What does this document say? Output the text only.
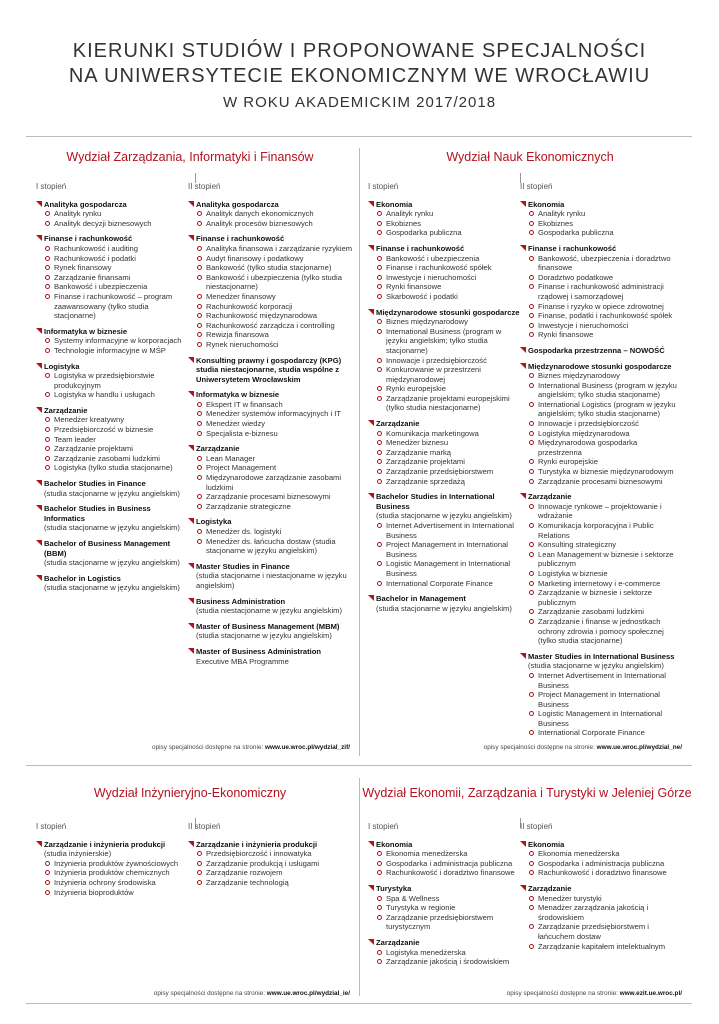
KIERUNKI STUDIÓW I PROPONOWANE SPECJALNOŚCI
NA UNIWERSYTECIE EKONOMICZNYM WE WROCŁAWIU
W ROKU AKADEMICKIM 2017/2018
Wydział Zarządzania, Informatyki i Finansów
I stopień
Analityka gospodarcza
Analityk rynku
Analityk decyzji biznesowych
Finanse i rachunkowość
Rachunkowość i auditing
Rachunkowość i podatki
Rynek finansowy
Zarządzanie finansami
Bankowość i ubezpieczenia
Finanse i rachunkowość – program zaawansowany (tylko studia stacjonarne)
Informatyka w biznesie
Systemy informacyjne w korporacjach
Technologie informacyjne w MŚP
Logistyka
Logistyka w przedsiębiorstwie produkcyjnym
Logistyka w handlu i usługach
Zarządzanie
Menedżer kreatywny
Przedsiębiorczość w biznesie
Team leader
Zarządzanie projektami
Zarządzanie zasobami ludzkimi
Logistyka (tylko studia stacjonarne)
Bachelor Studies in Finance
(studia stacjonarne w języku angielskim)
Bachelor Studies in Business Informatics
(studia stacjonarne w języku angielskim)
Bachelor of Business Management (BBM)
(studia stacjonarne w języku angielskim)
Bachelor in Logistics
(studia stacjonarne w języku angielskim)
II stopień
Analityka gospodarcza
Analityk danych ekonomicznych
Analityk procesów biznesowych
Finanse i rachunkowość
Analityka finansowa i zarządzanie ryzykiem
Audyt finansowy i podatkowy
Bankowość (tylko studia stacjonarne)
Bankowość i ubezpieczenia (tylko studia niestacjonarne)
Menedżer finansowy
Rachunkowość korporacji
Rachunkowość międzynarodowa
Rachunkowość zarządcza i controlling
Rewizja finansowa
Rynek nieruchomości
Konsulting prawny i gospodarczy (KPG) studia niestacjonarne, studia wspólne z Uniwersytetem Wrocławskim
Informatyka w biznesie
Ekspert IT w finansach
Menedżer systemów informacyjnych i IT
Menedżer wiedzy
Specjalista e-biznesu
Zarządzanie
Lean Manager
Project Management
Międzynarodowe zarządzanie zasobami ludzkimi
Zarządzanie procesami biznesowymi
Zarządzanie strategiczne
Logistyka
Menedżer ds. logistyki
Menedżer ds. łańcucha dostaw (studia stacjonarne w języku angielskim)
Master Studies in Finance
(studia stacjonarne i niestacjonarne w języku angielskim)
Business Administration
(studia niestacjonarne w języku angielskim)
Master of Business Management (MBM)
(studia stacjonarne w języku angielskim)
Master of Business Administration
Executive MBA Programme
opisy specjalności dostępne na stronie: www.ue.wroc.pl/wydzial_zif/
Wydział Nauk Ekonomicznych
I stopień
Ekonomia
Analityk rynku
Ekobiznes
Gospodarka publiczna
Finanse i rachunkowość
Bankowość i ubezpieczenia
Finanse i rachunkowość spółek
Inwestycje i nieruchomości
Rynki finansowe
Skarbowość i podatki
Międzynarodowe stosunki gospodarcze
Biznes międzynarodowy
International Business (program w języku angielskim; tylko studia stacjonarne)
Innowacje i przedsiębiorczość
Konkurowanie w przestrzeni międzynarodowej
Rynki europejskie
Zarządzanie projektami europejskimi (tylko studia niestacjonarne)
Zarządzanie
Komunikacja marketingowa
Menedżer biznesu
Zarządzanie marką
Zarządzanie projektami
Zarządzanie przedsiębiorstwem
Zarządzanie sprzedażą
Bachelor Studies in International Business
(studia stacjonarne w języku angielskim)
Internet Advertisement in International Business
Project Management in International Business
Logistic Management in International Business
International Corporate Finance
Bachelor in Management
(studia stacjonarne w języku angielskim)
II stopień
Ekonomia
Analityk rynku
Ekobiznes
Gospodarka publiczna
Finanse i rachunkowość
Bankowość, ubezpieczenia i doradztwo finansowe
Doradztwo podatkowe
Finanse i rachunkowość administracji rządowej i samorządowej
Finanse i ryzyko w opiece zdrowotnej
Finanse, podatki i rachunkowość spółek
Inwestycje i nieruchomości
Rynki finansowe
Gospodarka przestrzenna – NOWOŚĆ
Międzynarodowe stosunki gospodarcze
Biznes międzynarodowy
International Business (program w języku angielskim; tylko studia stacjonarne)
International Logistics (program w języku angielskim; tylko studia stacjonarne)
Innowacje i przedsiębiorczość
Logistyka międzynarodowa
Międzynarodowa gospodarka przestrzenna
Rynki europejskie
Turystyka w biznesie międzynarodowym
Zarządzanie procesami biznesowymi
Zarządzanie
Innowacje rynkowe – projektowanie i wdrażanie
Komunikacja korporacyjna i Public Relations
Konsulting strategiczny
Lean Management w biznesie i sektorze publicznym
Logistyka w biznesie
Marketing internetowy i e-commerce
Zarządzanie w biznesie i sektorze publicznym
Zarządzanie zasobami ludzkimi
Zarządzanie i finanse w jednostkach ochrony zdrowia i pomocy społecznej (tylko studia stacjonarne)
Master Studies in International Business
(studia stacjonarne w języku angielskim)
Internet Advertisement in International Business
Project Management in International Business
Logistic Management in International Business
International Corporate Finance
opisy specjalności dostępne na stronie: www.ue.wroc.pl/wydzial_ne/
Wydział Inżynieryjno-Ekonomiczny
I stopień
Zarządzanie i inżynieria produkcji
(studia inżynierskie)
Inżynieria produktów żywnościowych
Inżynieria produktów chemicznych
Inżynieria ochrony środowiska
Inżynieria bioproduktów
II stopień
Zarządzanie i inżynieria produkcji
Przedsiębiorczość i innowatyka
Zarządzanie produkcją i usługami
Zarządzanie rozwojem
Zarządzanie technologią
opisy specjalności dostępne na stronie: www.ue.wroc.pl/wydzial_ie/
Wydział Ekonomii, Zarządzania i Turystyki w Jeleniej Górze
I stopień
Ekonomia
Ekonomia menedżerska
Gospodarka i administracja publiczna
Rachunkowość i doradztwo finansowe
Turystyka
Spa & Wellness
Turystyka w regionie
Zarządzanie przedsiębiorstwem turystycznym
Zarządzanie
Logistyka menedżerska
Zarządzanie jakością i środowiskiem
II stopień
Ekonomia
Ekonomia menedżerska
Gospodarka i administracja publiczna
Rachunkowość i doradztwo finansowe
Zarządzanie
Menedżer turystyki
Menadżer zarządzania jakością i środowiskiem
Zarządzanie przedsiębiorstwem i łańcuchem dostaw
Zarządzanie kapitałem intelektualnym
opisy specjalności dostępne na stronie: www.ezit.ue.wroc.pl/
